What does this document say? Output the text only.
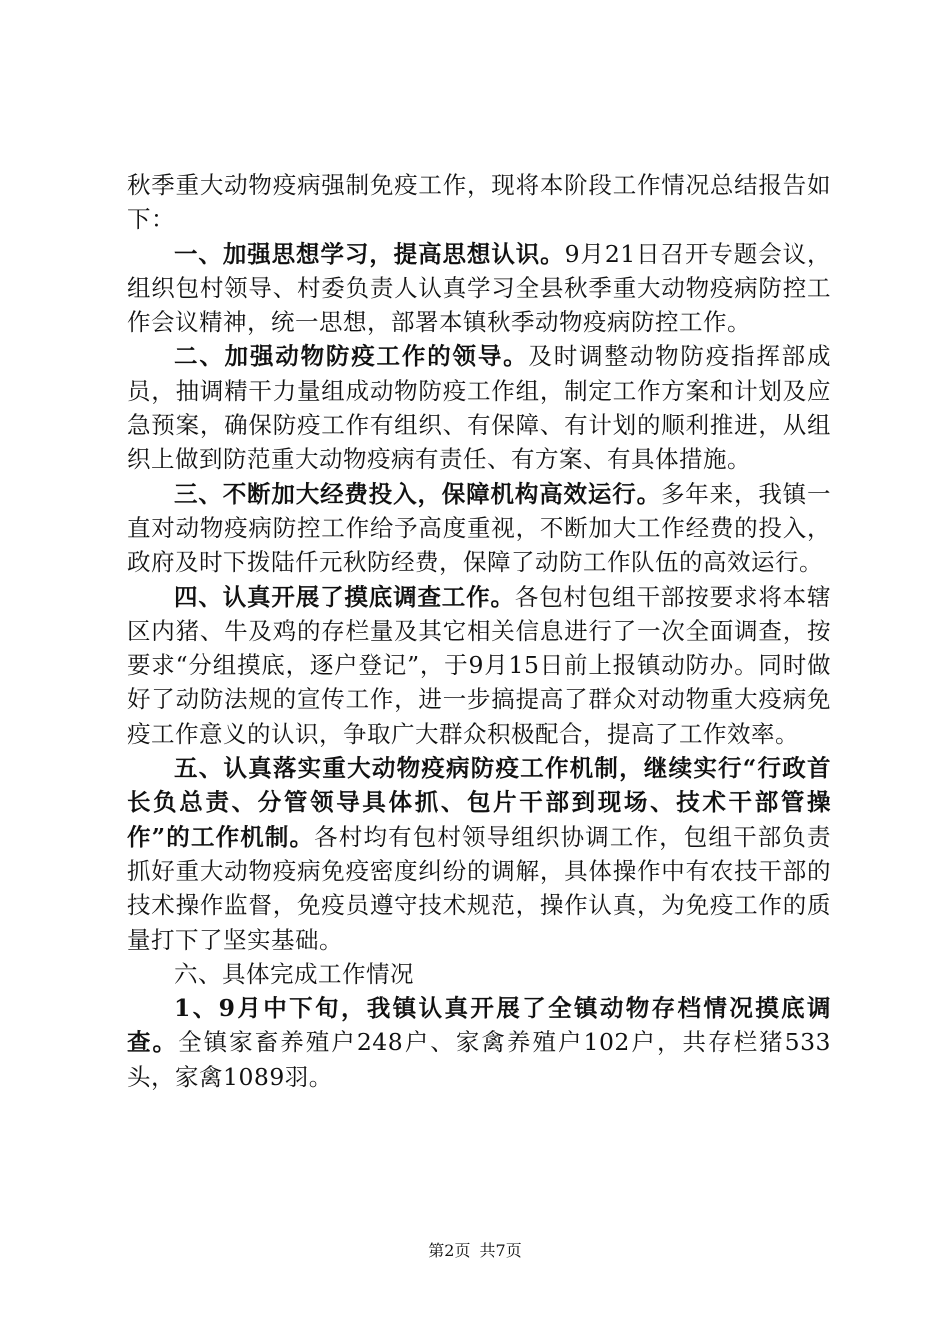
秋季重大动物疫病强制免疫工作，现将本阶段工作情况总结报告如下：

一、加强思想学习，提高思想认识。9月21日召开专题会议，组织包村领导、村委负责人认真学习全县秋季重大动物疫病防控工作会议精神，统一思想，部署本镇秋季动物疫病防控工作。

二、加强动物防疫工作的领导。及时调整动物防疫指挥部成员，抽调精干力量组成动物防疫工作组，制定工作方案和计划及应急预案，确保防疫工作有组织、有保障、有计划的顺利推进，从组织上做到防范重大动物疫病有责任、有方案、有具体措施。

三、不断加大经费投入，保障机构高效运行。多年来，我镇一直对动物疫病防控工作给予高度重视，不断加大工作经费的投入，政府及时下拨陆仟元秋防经费，保障了动防工作队伍的高效运行。

四、认真开展了摸底调查工作。各包村包组干部按要求将本辖区内猪、牛及鸡的存栏量及其它相关信息进行了一次全面调查，按要求“分组摸底，逐户登记”，于9月15日前上报镇动防办。同时做好了动防法规的宣传工作，进一步搞提高了群众对动物重大疫病免疫工作意义的认识，争取广大群众积极配合，提高了工作效率。

五、认真落实重大动物疫病防疫工作机制，继续实行“行政首长负总责、分管领导具体抓、包片干部到现场、技术干部管操作”的工作机制。各村均有包村领导组织协调工作，包组干部负责抓好重大动物疫病免疫密度纠纷的调解，具体操作中有农技干部的技术操作监督，免疫员遵守技术规范，操作认真，为免疫工作的质量打下了坚实基础。

六、具体完成工作情况

1、9月中下旬，我镇认真开展了全镇动物存档情况摸底调查。全镇家畜养殖户248户、家禽养殖户102户，共存栏猪533头，家禽1089羽。

第2页 共7页
